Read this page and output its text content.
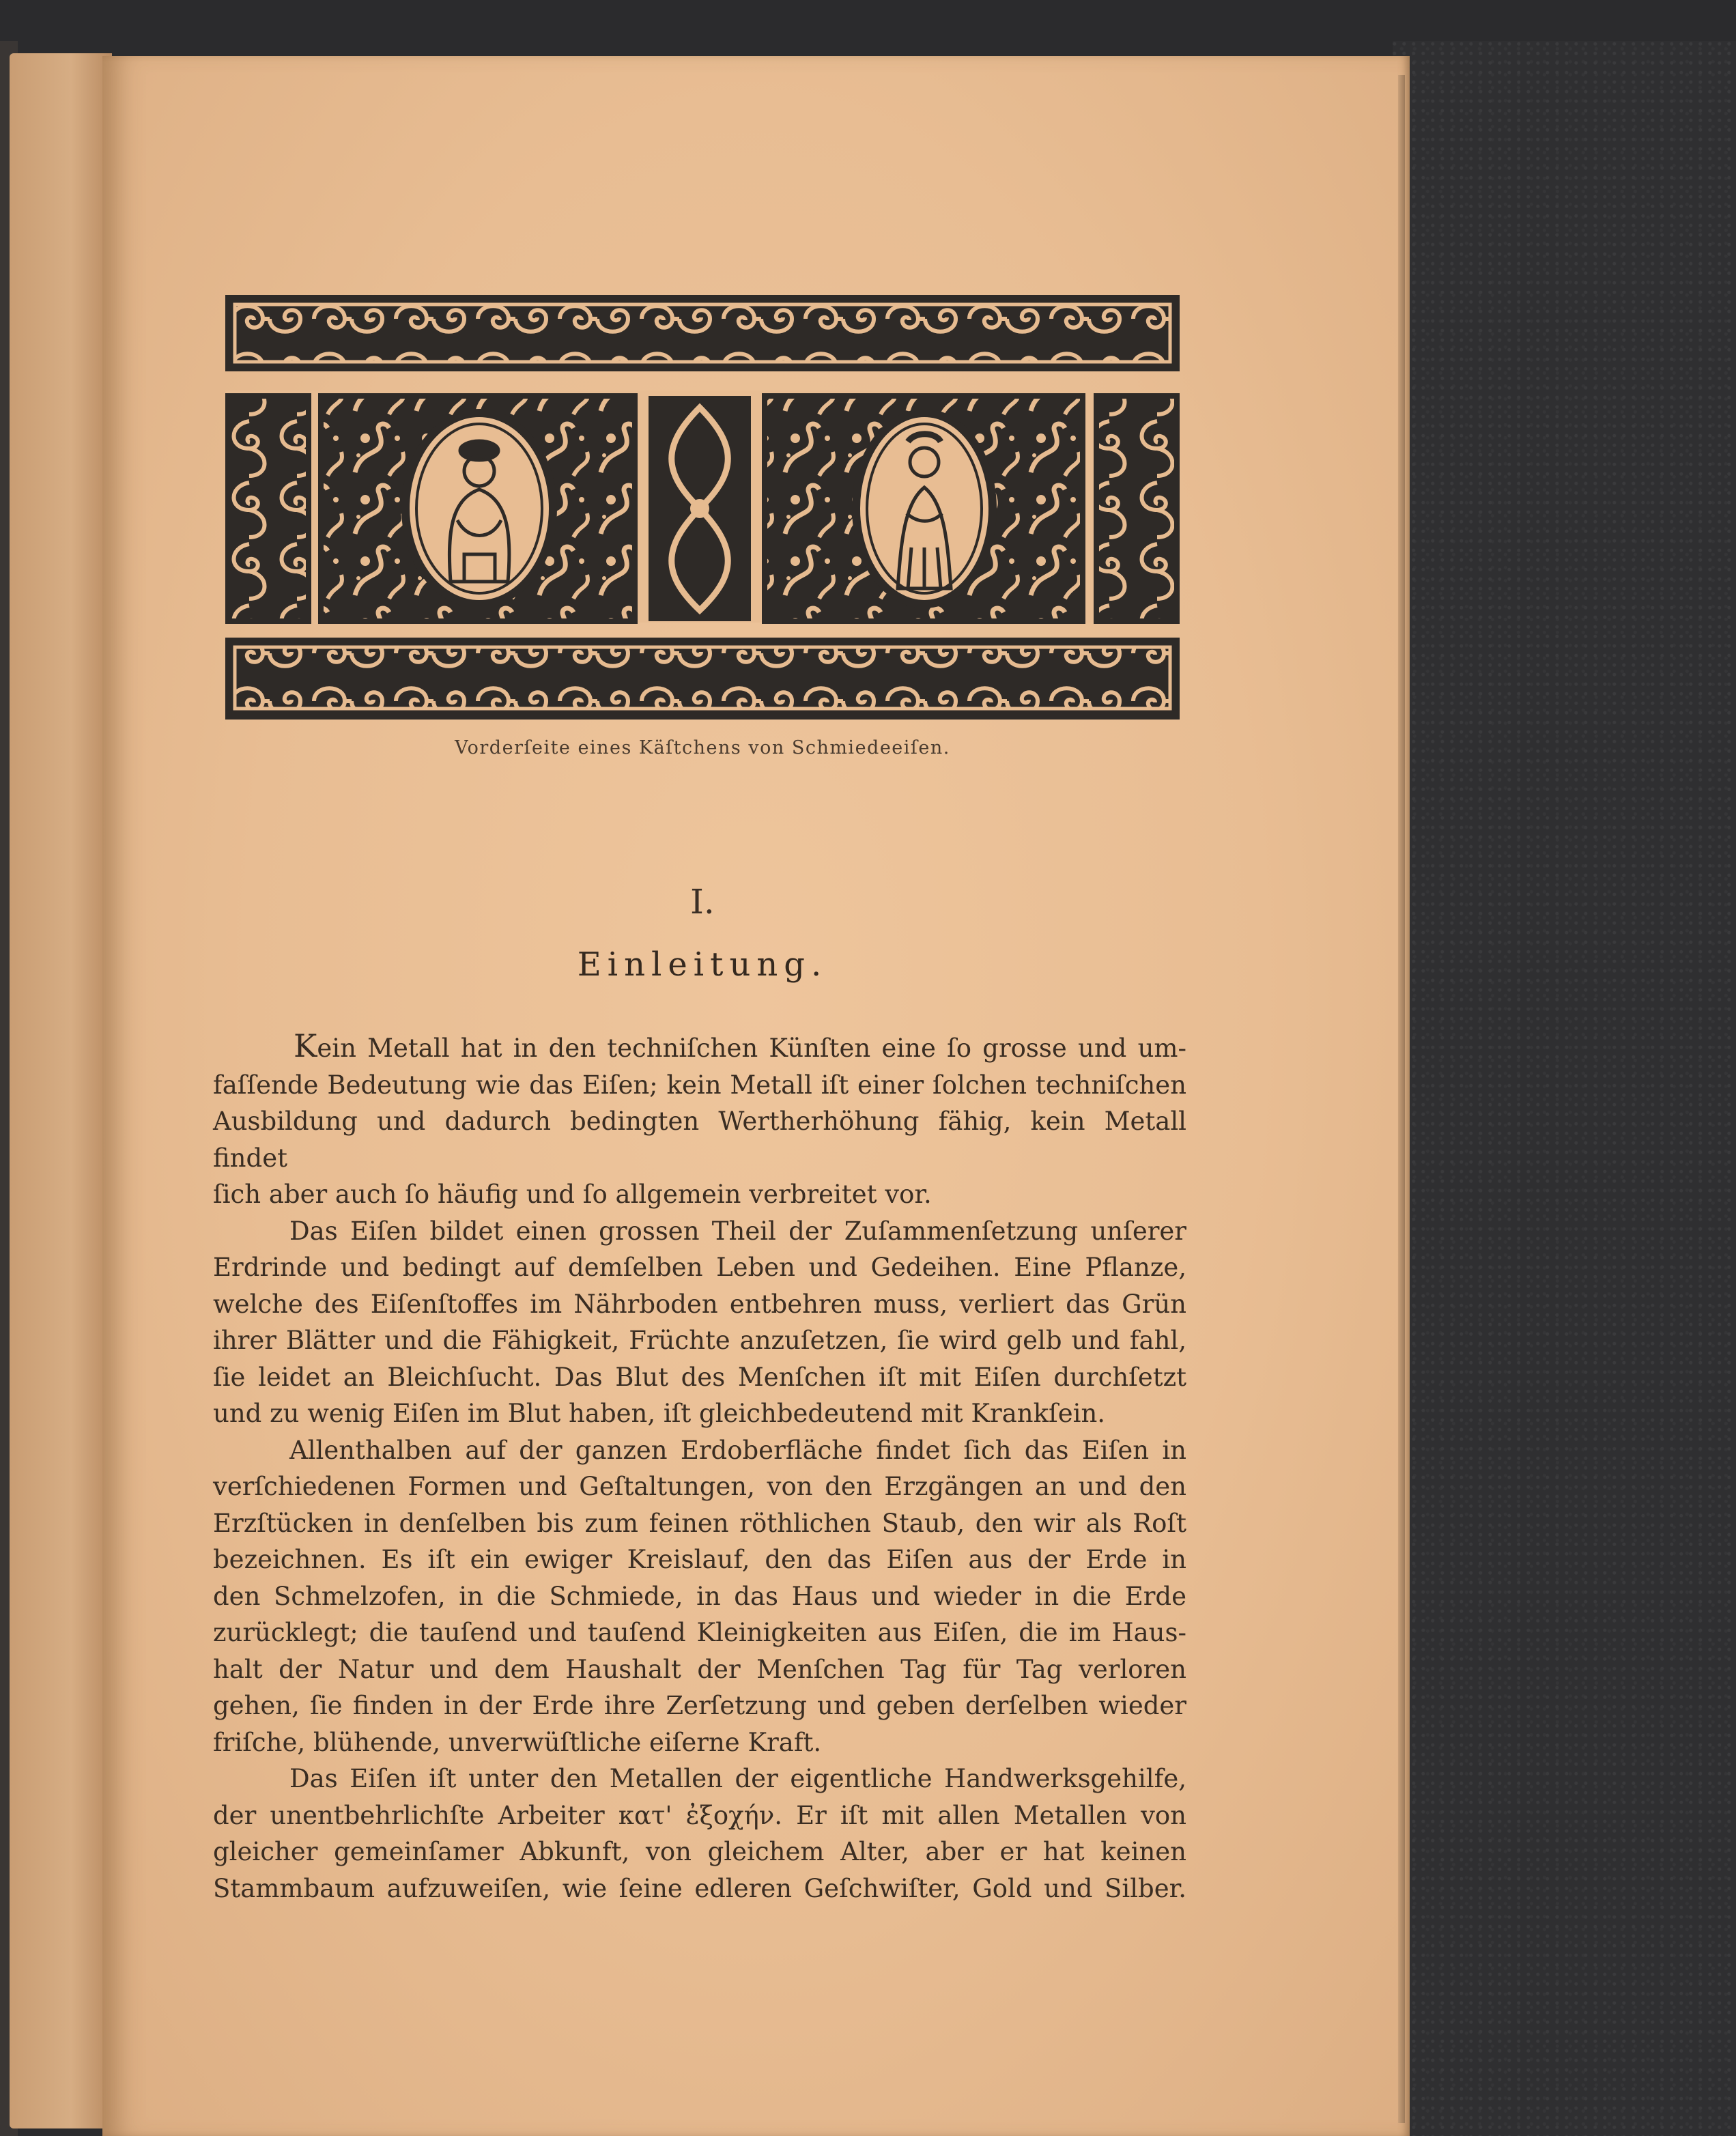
Vorderſeite eines Käſtchens von Schmiedeeiſen.
I.
Einleitung.

Kein Metall hat in den techniſchen Künſten eine ſo grosse und um-

faſſende Bedeutung wie das Eiſen; kein Metall iſt einer ſolchen techniſchen

Ausbildung und dadurch bedingten Wertherhöhung fähig, kein Metall findet

ſich aber auch ſo häufig und ſo allgemein verbreitet vor.

Das Eiſen bildet einen grossen Theil der Zuſammenſetzung unſerer

Erdrinde und bedingt auf demſelben Leben und Gedeihen. Eine Pflanze,

welche des Eiſenſtoffes im Nährboden entbehren muss, verliert das Grün

ihrer Blätter und die Fähigkeit, Früchte anzuſetzen, ſie wird gelb und fahl,

ſie leidet an Bleichſucht. Das Blut des Menſchen iſt mit Eiſen durchſetzt

und zu wenig Eiſen im Blut haben, iſt gleichbedeutend mit Krankſein.

Allenthalben auf der ganzen Erdoberfläche findet ſich das Eiſen in

verſchiedenen Formen und Geſtaltungen, von den Erzgängen an und den

Erzſtücken in denſelben bis zum feinen röthlichen Staub, den wir als Roſt

bezeichnen. Es iſt ein ewiger Kreislauf, den das Eiſen aus der Erde in

den Schmelzofen, in die Schmiede, in das Haus und wieder in die Erde

zurücklegt; die tauſend und tauſend Kleinigkeiten aus Eiſen, die im Haus-

halt der Natur und dem Haushalt der Menſchen Tag für Tag verloren

gehen, ſie finden in der Erde ihre Zerſetzung und geben derſelben wieder

friſche, blühende, unverwüſtliche eiſerne Kraft.

Das Eiſen iſt unter den Metallen der eigentliche Handwerksgehilfe,

der unentbehrlichſte Arbeiter κατ' ἐξοχήν. Er iſt mit allen Metallen von

gleicher gemeinſamer Abkunft, von gleichem Alter, aber er hat keinen

Stammbaum aufzuweiſen, wie ſeine edleren Geſchwiſter, Gold und Silber.
